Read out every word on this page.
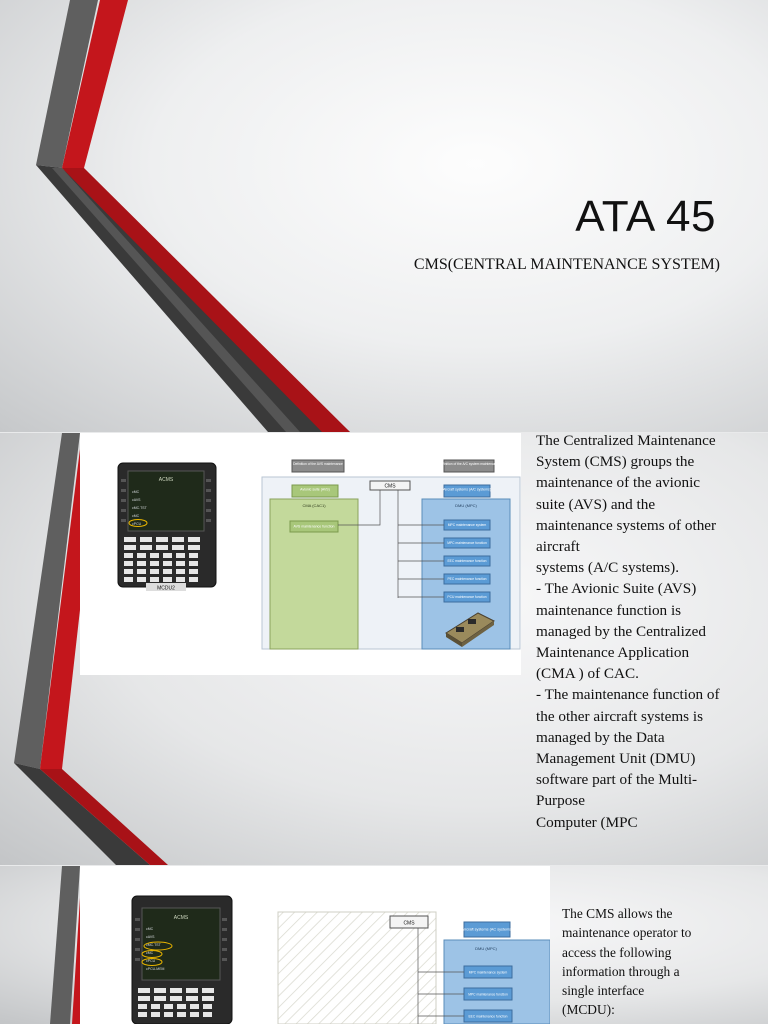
ATA 45

CMS(CENTRAL MAINTENANCE SYSTEM)

ACMS
cMC
cAVS
cMC.TST
cMC
cPCU
MCDU2
Definition of the AVS maintenance	Definition of the A/C system maintenance
Avionic suite (AVS)	CMS	Aircraft systems (A/C systems)
CMA (CAC1)
AVS maintenance function
DMU (MPC)
MPC maintenance system
MPC maintenance function
EEC maintenance function
PEC maintenance function
PCU maintenance function

The Centralized Maintenance
System (CMS) groups the
maintenance of the avionic
suite (AVS) and the
maintenance systems of other
aircraft
systems (A/C systems).
- The Avionic Suite (AVS)
maintenance function is
managed by the Centralized
Maintenance Application
(CMA ) of CAC.
- The maintenance function of
the other aircraft systems is
managed by the Data
Management Unit (DMU)
software part of the Multi-
Purpose
Computer (MPC

ACMS
cMC
cAVS
cMC.TST
cMC
cPCU
cPCU-MEM
CMS
Aircraft systems (AC systems)
DMU (MPC)
MPC maintenance system
MPC maintenance function
EEC maintenance function

The CMS allows the
maintenance operator to
access the following
information through a
single interface
(MCDU):
